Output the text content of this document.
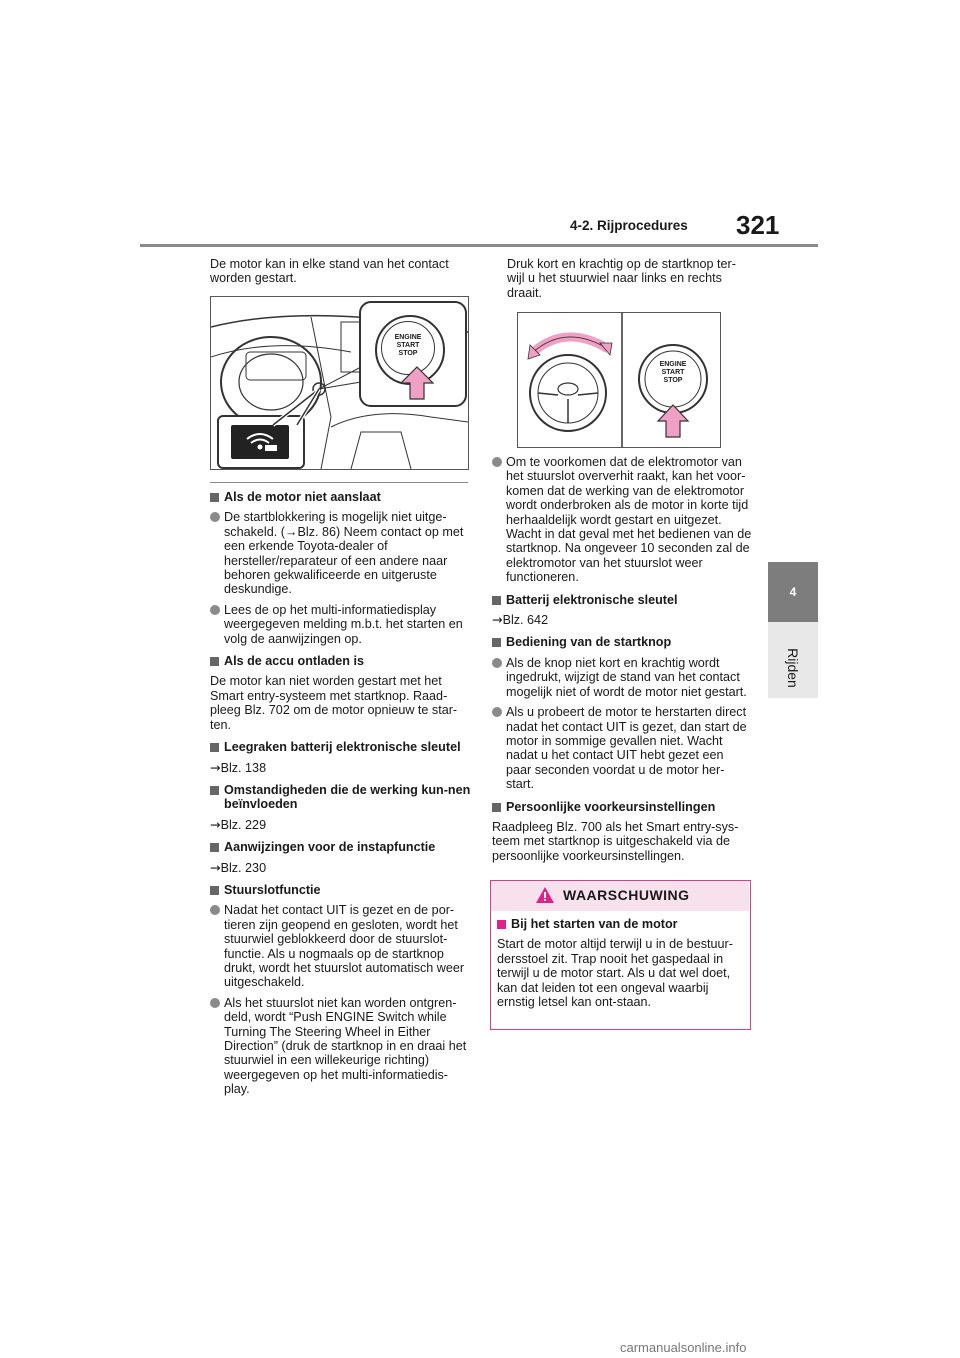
4-2. Rijprocedures 321
4
Rijden
De motor kan in elke stand van het contact worden gestart.
ENGINE
START
STOP

Als de motor niet aanslaat

De startblokkering is mogelijk niet uitge-schakeld. (→Blz. 86) Neem contact op met een erkende Toyota-dealer of hersteller/reparateur of een andere naar behoren gekwalificeerde en uitgeruste deskundige.

Lees de op het multi-informatiedisplay weergegeven melding m.b.t. het starten en volg de aanwijzingen op.

Als de accu ontladen is

De motor kan niet worden gestart met het Smart entry-systeem met startknop. Raad-pleeg Blz. 702 om de motor opnieuw te star-ten.

Leegraken batterij elektronische sleutel

→Blz. 138

Omstandigheden die de werking kun-nen beïnvloeden

→Blz. 229

Aanwijzingen voor de instapfunctie

→Blz. 230

Stuurslotfunctie

Nadat het contact UIT is gezet en de por-tieren zijn geopend en gesloten, wordt het stuurwiel geblokkeerd door de stuurslot-functie. Als u nogmaals op de startknop drukt, wordt het stuurslot automatisch weer uitgeschakeld.

Als het stuurslot niet kan worden ontgren-deld, wordt “Push ENGINE Switch while Turning The Steering Wheel in Either Direction” (druk de startknop in en draai het stuurwiel in een willekeurige richting) weergegeven op het multi-informatiedis-play.

Druk kort en krachtig op de startknop ter-wijl u het stuurwiel naar links en rechts draait.
ENGINE
START
STOP

Om te voorkomen dat de elektromotor van het stuurslot oververhit raakt, kan het voor-komen dat de werking van de elektromotor wordt onderbroken als de motor in korte tijd herhaaldelijk wordt gestart en uitgezet. Wacht in dat geval met het bedienen van de startknop. Na ongeveer 10 seconden zal de elektromotor van het stuurslot weer functioneren.

Batterij elektronische sleutel

→Blz. 642

Bediening van de startknop

Als de knop niet kort en krachtig wordt ingedrukt, wijzigt de stand van het contact mogelijk niet of wordt de motor niet gestart.

Als u probeert de motor te herstarten direct nadat het contact UIT is gezet, dan start de motor in sommige gevallen niet. Wacht nadat u het contact UIT hebt gezet een paar seconden voordat u de motor her-start.

Persoonlijke voorkeursinstellingen

Raadpleeg Blz. 700 als het Smart entry-sys-teem met startknop is uitgeschakeld via de persoonlijke voorkeursinstellingen.

WAARSCHUWING

Bij het starten van de motor

Start de motor altijd terwijl u in de bestuur-dersstoel zit. Trap nooit het gaspedaal in terwijl u de motor start. Als u dat wel doet, kan dat leiden tot een ongeval waarbij ernstig letsel kan ont-staan.

carmanualsonline.info
